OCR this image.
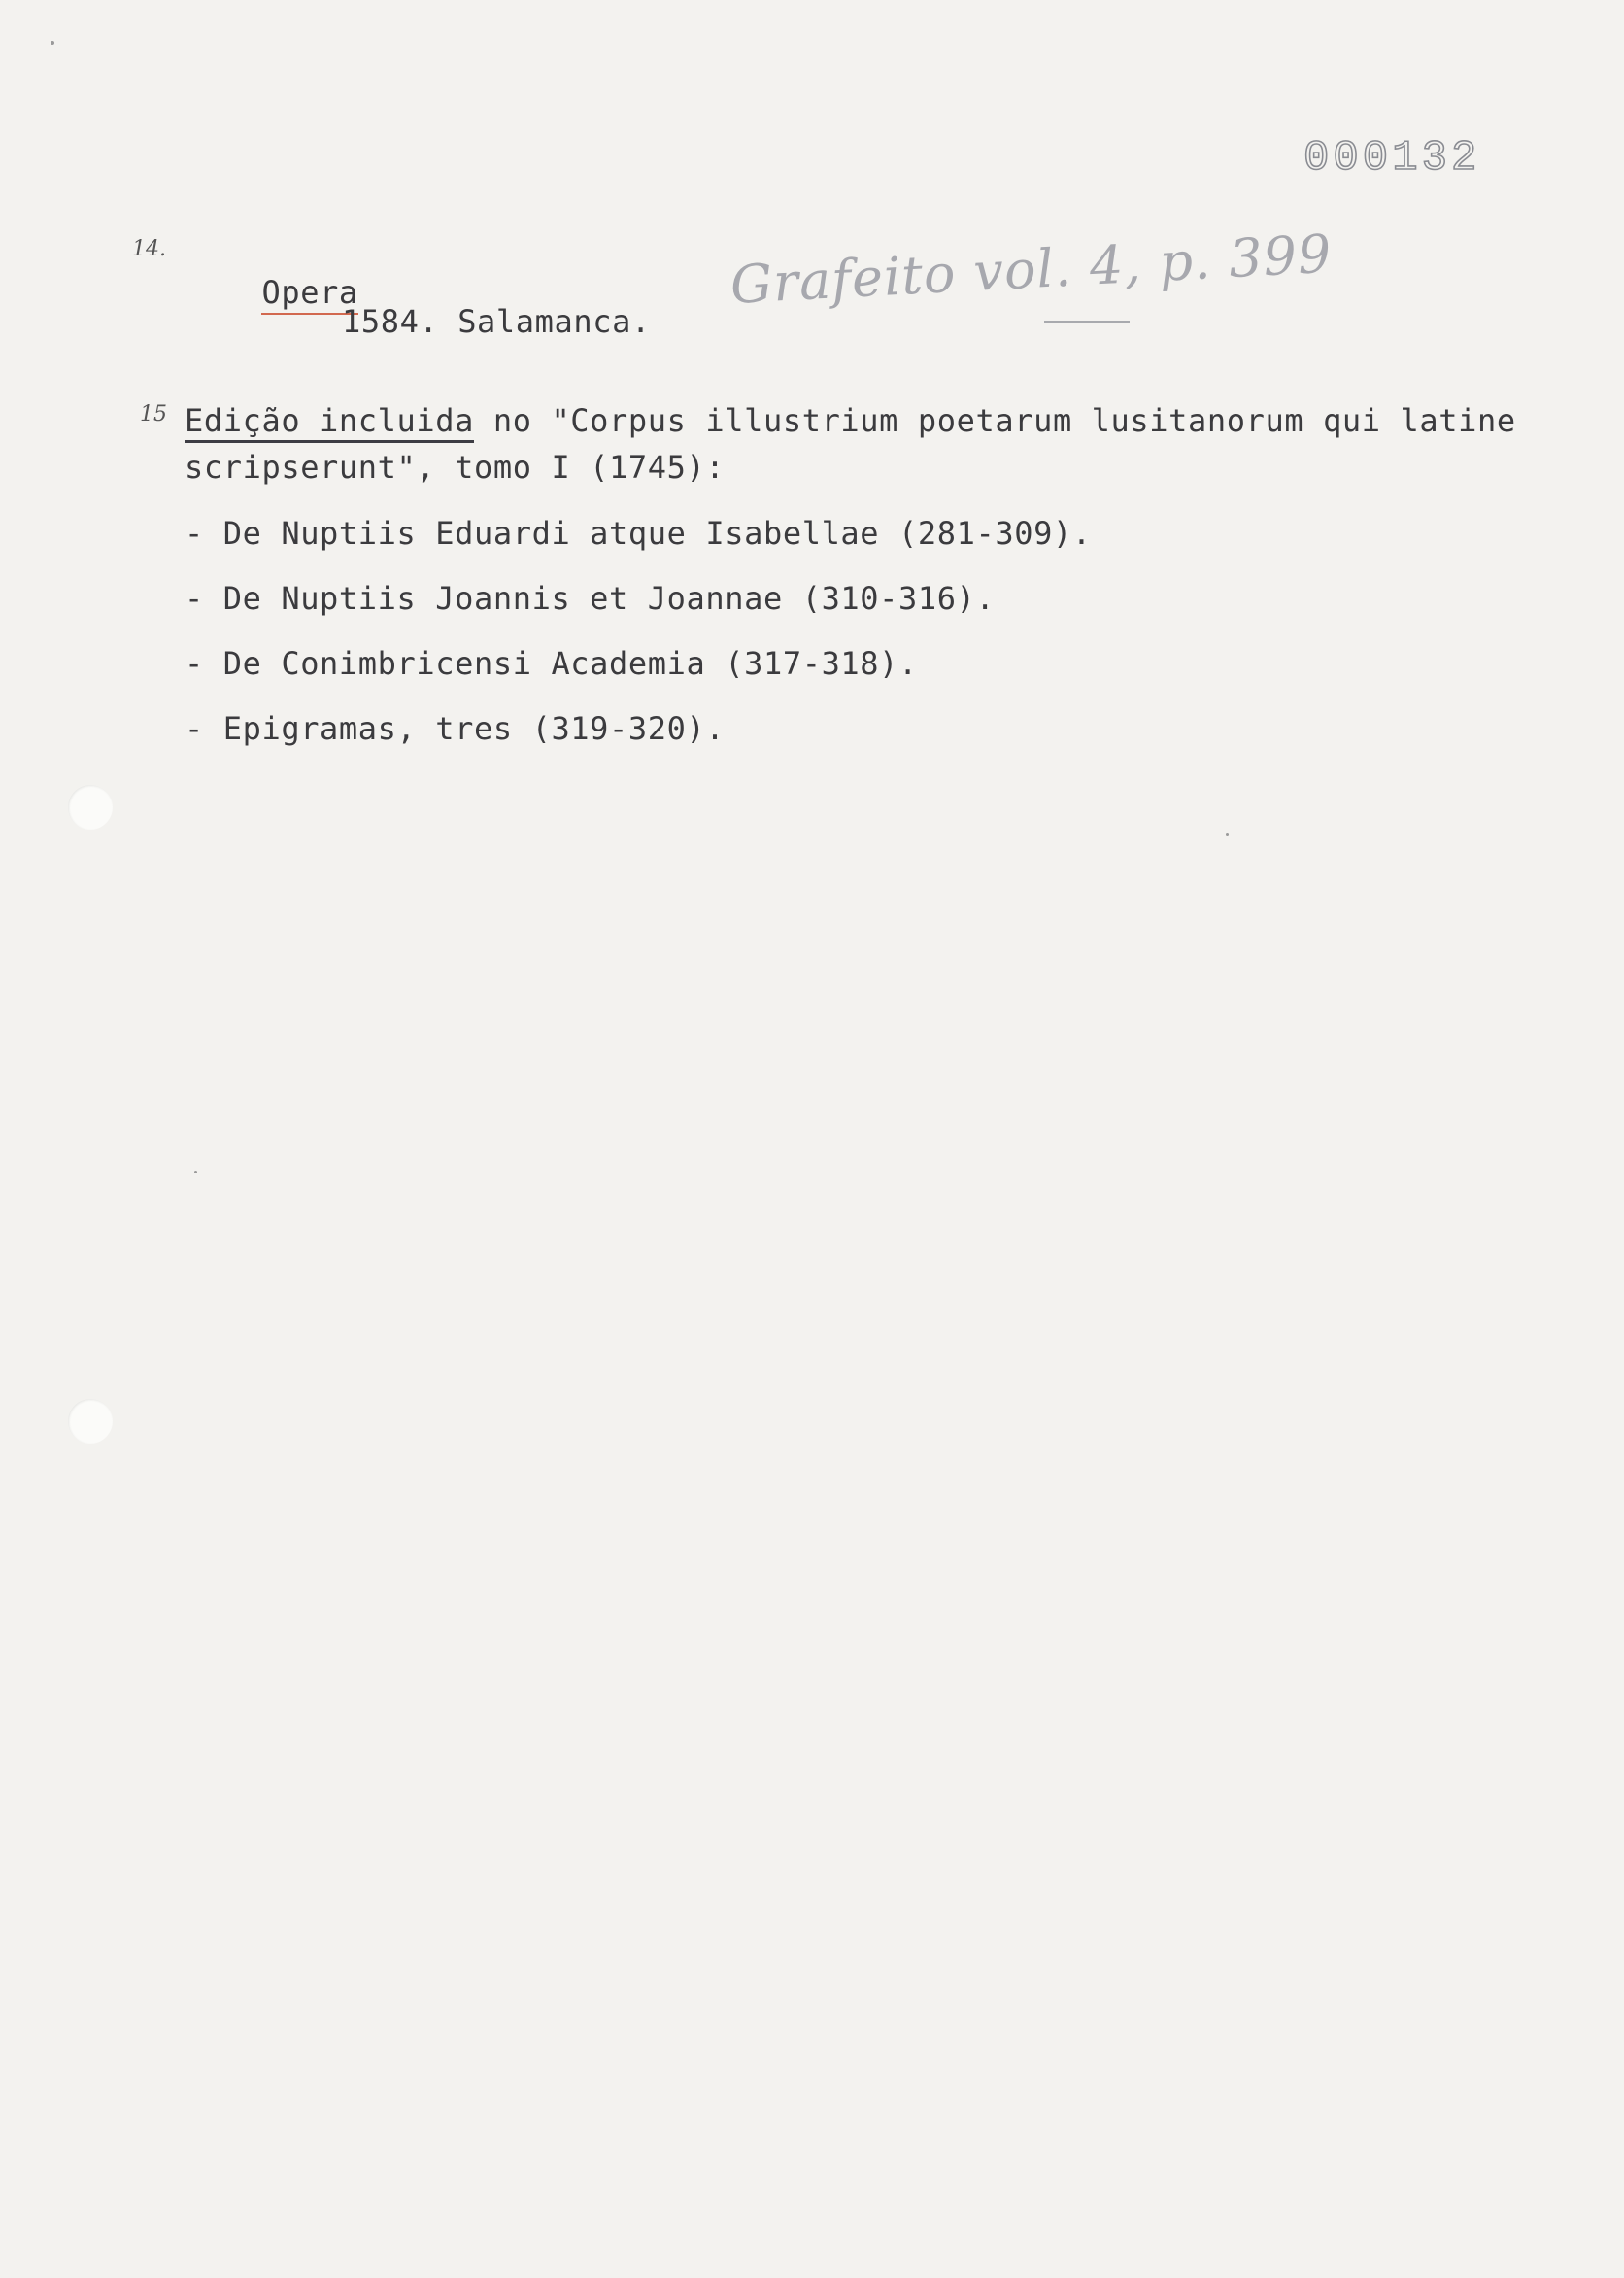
000132
14.

Opera

1584. Salamanca.
Grafeito vol. 4, p. 399
15 Edição incluida no "Corpus illustrium poetarum lusitanorum qui latine
scripserunt", tomo I (1745):
- De Nuptiis Eduardi atque Isabellae (281-309).
- De Nuptiis Joannis et Joannae (310-316).
- De Conimbricensi Academia (317-318).
- Epigramas, tres (319-320).
